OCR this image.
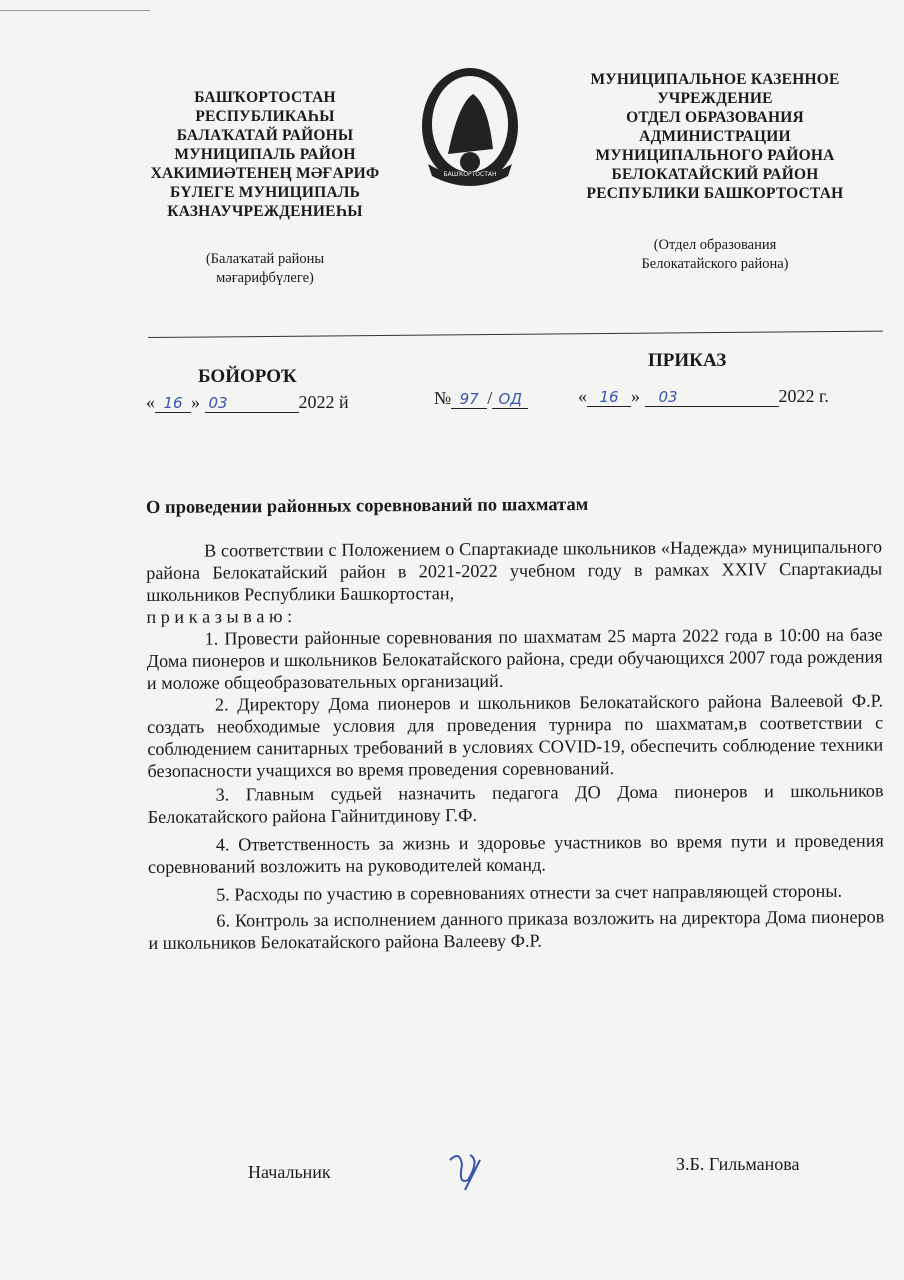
БАШҠОРТОСТАН
РЕСПУБЛИКАҺЫ
БАЛАҠАТАЙ РАЙОНЫ
МУНИЦИПАЛЬ РАЙОН
ХАКИМИӘТЕНЕҢ МӘҒАРИФ
БҮЛЕГЕ МУНИЦИПАЛЬ
КАЗНАУЧРЕЖДЕНИЕҺЫ
(Балаҡатай районы
мәғарифбүлеге)
БАШҠОРТОСТАН
МУНИЦИПАЛЬНОЕ КАЗЕННОЕ
УЧРЕЖДЕНИЕ
ОТДЕЛ ОБРАЗОВАНИЯ
АДМИНИСТРАЦИИ
МУНИЦИПАЛЬНОГО РАЙОНА
БЕЛОКАТАЙСКИЙ РАЙОН
РЕСПУБЛИКИ БАШКОРТОСТАН
(Отдел образования
Белокатайского района)
БОЙОРОҠ
ПРИКАЗ
« 16 » 03	2022 й	№ 97 / ОД	« 16 » 03	2022 г.
О проведении районных соревнований по шахматам

В соответствии с Положением о Спартакиаде школьников «Надежда» муниципального района Белокатайский район в 2021-2022 учебном году в рамках XXIV Спартакиады школьников Республики Башкортостан,

п р и к а з ы в а ю :

1. Провести районные соревнования по шахматам 25 марта 2022 года в 10:00 на базе Дома пионеров и школьников Белокатайского района, среди обучающихся 2007 года рождения и моложе общеобразовательных организаций.

2. Директору Дома пионеров и школьников Белокатайского района Валеевой Ф.Р. создать необходимые условия для проведения турнира по шахматам,в соответствии с соблюдением санитарных требований в условиях COVID-19, обеспечить соблюдение техники безопасности учащихся во время проведения соревнований.

3. Главным судьей назначить педагога ДО Дома пионеров и школьников Белокатайского района Гайнитдинову Г.Ф.

4. Ответственность за жизнь и здоровье участников во время пути и проведения соревнований возложить на руководителей команд.

5. Расходы по участию в соревнованиях отнести за счет направляющей стороны.

6. Контроль за исполнением данного приказа возложить на директора Дома пионеров и школьников Белокатайского района Валееву Ф.Р.

Начальник	З.Б. Гильманова
